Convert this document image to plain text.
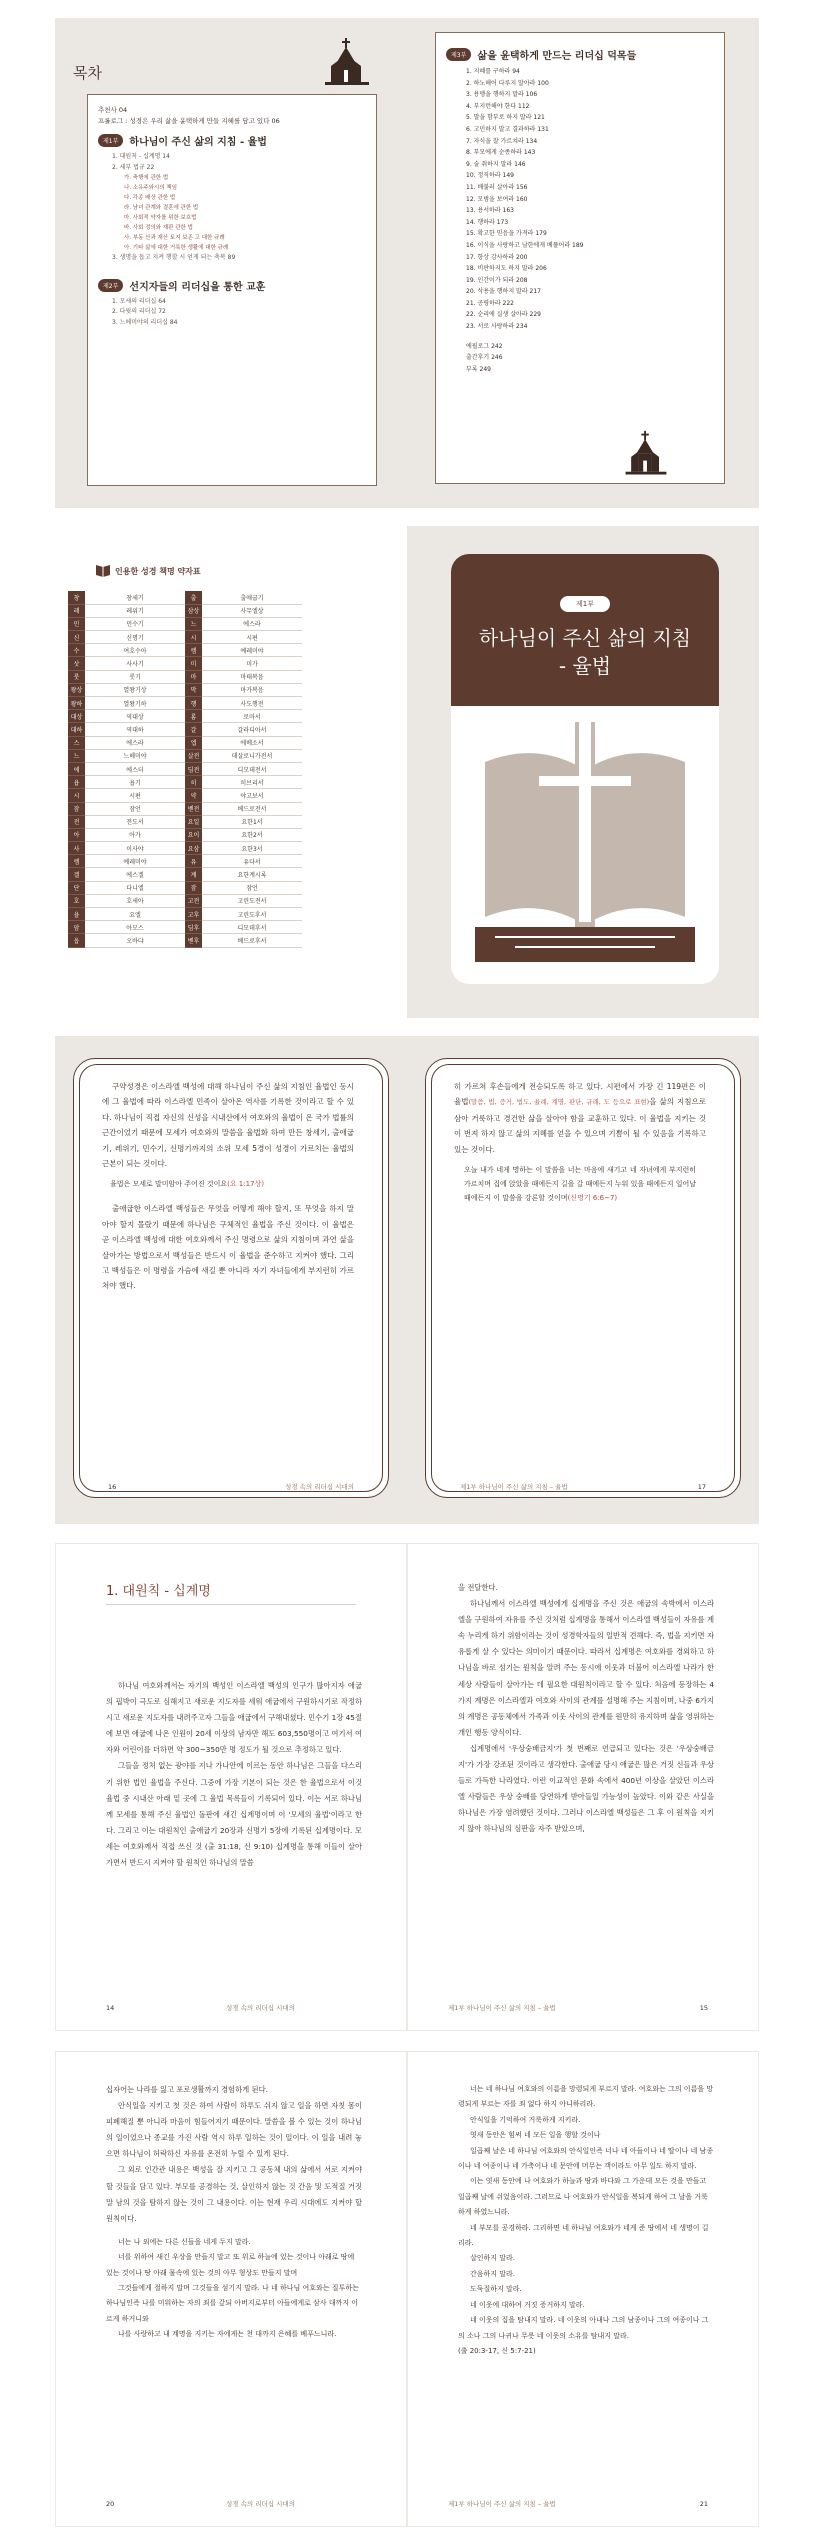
목차
추천사 04
프롤로그 : 성경은 우리 삶을 윤택하게 만들 지혜를 담고 있다 06
제1부	하나님이 주신 삶의 지침 - 율법
1. 대원칙 - 십계명 14
2. 세부 법규 22
가. 축행에 관한 법
나. 소유주와시의 책임
다. 각종 배상 관한 법
라. 남녀 관계와 결혼에 관한 법
마. 사회적 약자를 위한 보호법
바. 사회 정의와 재판 관한 법
사. 부동 산과 재산 토지 보존 고 대한 규례
아. 기타 삶에 대한 거룩한 생활에 대한 규례
3. 생명을 돕고 지켜 행할 시 얻게 되는 축복 89
제2부	선지자들의 리더십을 통한 교훈
1. 모세의 리더십 64
2. 다윗의 리더십 72
3. 느헤미야의 리더십 84
제3부	삶을 윤택하게 만드는 리더십 덕목들
1. 지혜를 구하라 94
2. 하노해어 다루지 말아라 100
3. 용맹을 행하지 말라 106
4. 부지런해야 한다 112
5. 말을 함부로 하지 말라 121
6. 고민하지 말고 결과하라 131
7. 자식을 잘 가르쳐라 134
8. 부모에게 순종하라 143
9. 술 취하지 말라 146
10. 정직하라 149
11. 배불러 살아라 156
12. 모범을 보여라 160
13. 용서하라 163
14. 행하라 173
15. 확고한 믿음을 가져라 179
16. 이식을 사랑하고 남한에게 베풀어라 189
17. 항상 감사하라 200
18. 비판하지도 하지 말라 206
19. 인간이가 되라 208
20. 삭용을 행하지 말라 217
21. 공평하라 222
22. 순리에 실생 살아라 229
23. 서로 사랑하라 234
에필로그 242
출간후기 246
부록 249
인용한 성경 책명 약자표
창	창세기	출	출애굽기
레	레위기	삼상	사무엘상
민	민수기	느	에스라
신	신명기	시	시편
수	여호수아	렘	예레미야
삿	사사기	미	미가
룻	룻기	마	마태복음
왕상	열왕기상	막	마가복음
왕하	열왕기하	행	사도행전
대상	역대상	롬	로마서
대하	역대하	갈	갈라디아서
스	에스라	엡	에베소서
느	느헤미야	살전	데살로니가전서
에	에스더	딤전	디모데전서
욥	욥기	히	히브리서
시	시편	약	야고보서
잠	잠언	벧전	베드로전서
전	전도서	요일	요한1서
아	아가	요이	요한2서
사	이사야	요삼	요한3서
렘	예레미야	유	유다서
겔	에스겔	계	요한계시록
단	다니엘	잠	잠언
호	호세아	고전	고린도전서
욜	요엘	고후	고린도후서
암	아모스	딤후	디모데후서
옵	오바댜	벧후	베드로후서
제1부
하나님이 주신 삶의 지침
- 율법

구약성경은 이스라엘 백성에 대해 하나님이 주신 삶의 지침인 율법인 동시에 그 율법에 따라 이스라엘 민족이 살아온 역사를 기록한 것이라고 할 수 있다. 하나님이 직접 자신의 신성을 시내산에서 여호와의 율법이 온 국가 법률의 근간이었기 때문에 모세가 여호와의 말씀을 율법화 하여 만든 창세기, 출애굽기, 레위기, 민수기, 신명기까지의 소위 모세 5경이 성경이 가르치는 율법의 근본이 되는 것이다.

율법은 모세로 말미암아 주어진 것이요(요 1:17상)

출애굽한 이스라엘 백성들은 무엇을 어떻게 해야 할지, 또 무엇을 하지 말아야 할지 몰랐기 때문에 하나님은 구체적인 율법을 주신 것이다. 이 율법은 곧 이스라엘 백성에 대한 여호와께서 주신 명령으로 삶의 지침이며 과연 삶을 살아가는 방법으로서 백성들은 반드시 이 율법을 준수하고 지켜야 했다. 그리고 백성들은 이 명령을 가슴에 새길 뿐 아니라 자기 자녀들에게 부지런히 가르쳐야 했다.

16	성경 속의 리더십 시대의

히 가르쳐 후손들에게 전승되도록 하고 있다. 시편에서 가장 긴 119편은 이 율법(말씀, 법, 증거, 법도, 율례, 계명, 판단, 규례, 도 등으로 표현)을 삶의 지침으로 삼아 거룩하고 경건한 삶을 살아야 함을 교훈하고 있다. 이 율법을 지키는 것이 번져 하지 않고 삶의 지혜를 얻을 수 있으며 기쁨이 될 수 있음을 기록하고 있는 것이다.

오늘 내가 네게 명하는 이 말씀을 너는 마음에 새기고 네 자녀에게 부지런히 가르치며 집에 앉았을 때에든지 길을 갈 때에든지 누워 있을 때에든지 일어날 때에든지 이 말씀을 강론할 것이며(신명기 6:6~7)

제1부 하나님이 주신 삶의 지침 – 율법	17
1. 대원칙 - 십계명

하나님 여호와께서는 자기의 백성인 이스라엘 백성의 인구가 많아지자 애굽의 핍박이 극도로 심해지고 새로운 지도자를 세워 애굽에서 구원하시기로 작정하시고 새로운 지도자를 내려주고자 그들을 애굽에서 구해내셨다. 민수기 1장 45절에 보면 애굽에 나온 인원이 20세 이상의 남자만 해도 603,550명이고 여기서 여자와 어린이를 더하면 약 300~350만 명 정도가 될 것으로 추정하고 있다.

그들을 정처 없는 광야를 지나 가나안에 이르는 동안 하나님은 그들을 다스리기 위한 법인 율법을 주신다. 그중에 가장 기본이 되는 것은 한 율법으로서 이것 율법 중 시내산 아래 밑 곳에 그 율법 목록들이 기록되어 있다. 이는 서로 하나님께 모세를 통해 주신 율법인 돌판에 새긴 십계명이며 이 '모세의 율법'이라고 한다. 그리고 이는 대원칙인 출애굽기 20장과 신명기 5장에 기록된 십계명이다. 모세는 여호와께서 직접 쓰신 것 (출 31:18, 신 9:10) 십계명을 통해 이들이 살아가면서 반드시 지켜야 할 원칙인 하나님의 말씀

14	성경 속의 리더십 시대의

을 전달한다.

하나님께서 이스라엘 백성에게 십계명을 주신 것은 애굽의 속박에서 이스라엘을 구원하여 자유를 주신 것처럼 십계명을 통해서 이스라엘 백성들이 자유를 계속 누리게 하기 위함이라는 것이 성경학자들의 일반적 견해다. 즉, 법을 지키면 자유롭게 살 수 있다는 의미이기 때문이다. 따라서 십계명은 여호와를 경외하고 하나님을 바로 섬기는 원칙을 알려 주는 동시에 이웃과 더불어 이스라엘 나라가 한 세상 사람들이 살아가는 데 필요한 대원칙이라고 할 수 있다. 처음에 등장하는 4가지 계명은 이스라엘과 여호와 사이의 관계를 설명해 주는 지침이며, 나중 6가지의 계명은 공동체에서 가족과 이웃 사이의 관계를 원만히 유지하며 삶을 영위하는 개인 행동 양식이다.

십계명에서 '우상숭배금지'가 첫 번째로 언급되고 있다는 것은 '우상숭배금지'가 가장 강조된 것이라고 생각한다. 출애굽 당시 애굽은 많은 거짓 신들과 우상들로 가득한 나라였다. 이런 이교적인 문화 속에서 400년 이상을 살았던 이스라엘 사람들은 우상 숭배를 당연하게 받아들일 가능성이 높았다. 이와 같은 사실을 하나님은 가장 염려했던 것이다. 그러나 이스라엘 백성들은 그 후 이 원칙을 지키지 않아 하나님의 심판을 자주 받았으며,

제1부 하나님이 주신 삶의 지침 – 율법	15

십자어는 나라를 잃고 포로생활까지 경험하게 된다.

안식일을 지키고 첫 것은 하여 사람이 하루도 쉬지 않고 일을 하면 자칫 몸이 피폐해질 뿐 아니라 마음이 힘들어지기 때문이다. 말씀을 볼 수 있는 것이 하나님의 일이었으나 종교를 가진 사람 역시 하루 일하는 것이 일이다. 이 일을 내려 놓으면 하나님이 허락하신 자유를 온전히 누릴 수 있게 된다.

그 외로 인간관 내용은 백성을 잘 지키고 그 공동체 내의 삶에서 서로 지켜야 할 것들을 담고 있다. 부모를 공경하는 것, 살인하지 않는 것 간음 및 도적질 거짓말 남의 것을 탐하지 않는 것이 그 내용이다. 이는 현재 우리 시대에도 지켜야 할 원칙이다.

너는 나 외에는 다른 신들을 네게 두지 말라.
너를 위하여 새긴 우상을 만들지 말고 또 위로 하늘에 있는 것이나 아래로 땅에 있는 것이나 땅 아래 물속에 있는 것의 아무 형상도 만들지 말며
그것들에게 절하지 말며 그것들을 섬기지 말라. 나 네 하나님 여호와는 질투하는 하나님인즉 나를 미워하는 자의 죄를 갚되 아버지로부터 아들에게로 삼사 대까지 이르게 하거니와
나를 사랑하고 내 계명을 지키는 자에게는 천 대까지 은혜를 베푸느니라.
20	성경 속의 리더십 시대의
너는 네 하나님 여호와의 이름을 망령되게 부르지 말라. 여호와는 그의 이름을 망령되게 부르는 자를 죄 없다 하지 아니하리라.
안식일을 기억하여 거룩하게 지키라.
엿새 동안은 힘써 네 모든 일을 행할 것이나
일곱째 날은 네 하나님 여호와의 안식일인즉 너나 네 아들이나 네 딸이나 네 남종이나 네 여종이나 네 가축이나 네 문안에 머무는 객이라도 아무 일도 하지 말라.
이는 엿새 동안에 나 여호와가 하늘과 땅과 바다와 그 가운데 모든 것을 만들고 일곱째 날에 쉬었음이라. 그러므로 나 여호와가 안식일을 복되게 하여 그 날을 거룩하게 하였느니라.
네 부모를 공경하라. 그리하면 네 하나님 여호와가 네게 준 땅에서 네 생명이 길리라.
살인하지 말라.
간음하지 말라.
도둑질하지 말라.
네 이웃에 대하여 거짓 증거하지 말라.
네 이웃의 집을 탐내지 말라. 네 이웃의 아내나 그의 남종이나 그의 여종이나 그의 소나 그의 나귀나 무릇 네 이웃의 소유를 탐내지 말라.
(출 20:3-17, 신 5:7-21)
제1부 하나님이 주신 삶의 지침 – 율법	21
